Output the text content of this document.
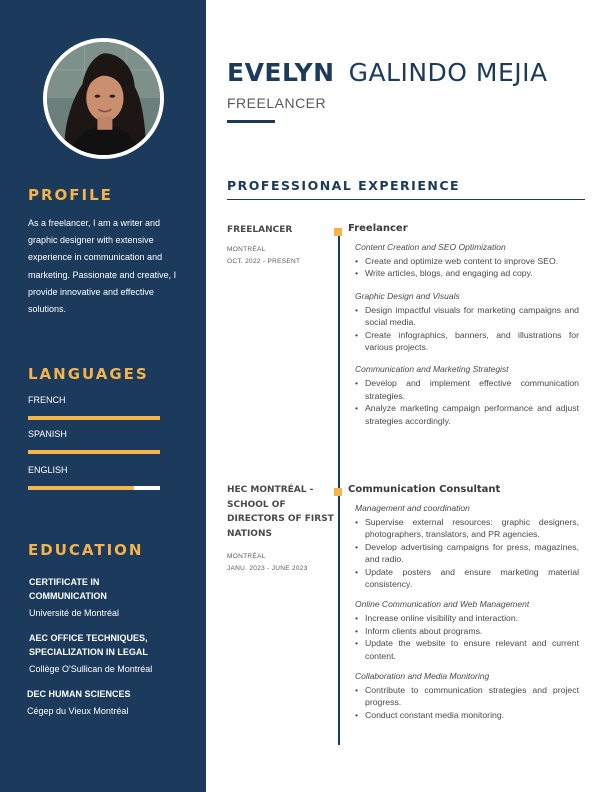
PROFILE

As a freelancer, I am a writer and graphic designer with extensive experience in communication and marketing. Passionate and creative, I provide innovative and effective solutions.

LANGUAGES
FRENCH
SPANISH
ENGLISH
EDUCATION
CERTIFICATE IN COMMUNICATION
Université de Montréal
AEC OFFICE TECHNIQUES, SPECIALIZATION IN LEGAL
Collège O'Sullican de Montréal
DEC HUMAN SCIENCES
Cégep du Vieux Montréal
EVELYN GALINDO MEJIA
FREELANCER
PROFESSIONAL EXPERIENCE
FREELANCER
MONTRÉAL
OCT. 2022 - PRESENT
Freelancer
Content Creation and SEO Optimization
• Create and optimize web content to improve SEO.
• Write articles, blogs, and engaging ad copy.
Graphic Design and Visuals
• Design impactful visuals for marketing campaigns and social media.
• Create infographics, banners, and illustrations for various projects.
Communication and Marketing Strategist
• Develop and implement effective communication strategies.
• Analyze marketing campaign performance and adjust strategies accordingly.
HEC MONTRÉAL - SCHOOL OF DIRECTORS OF FIRST NATIONS
MONTRÉAL
JANU. 2023 - JUNE 2023
Communication Consultant
Management and coordination
• Supervise external resources: graphic designers, photographers, translators, and PR agencies.
• Develop advertising campaigns for press, magazines, and radio.
• Update posters and ensure marketing material consistency.
Online Communication and Web Management
• Increase online visibility and interaction.
• Inform clients about programs.
• Update the website to ensure relevant and current content.
Collaboration and Media Monitoring
• Contribute to communication strategies and project progress.
• Conduct constant media monitoring.
